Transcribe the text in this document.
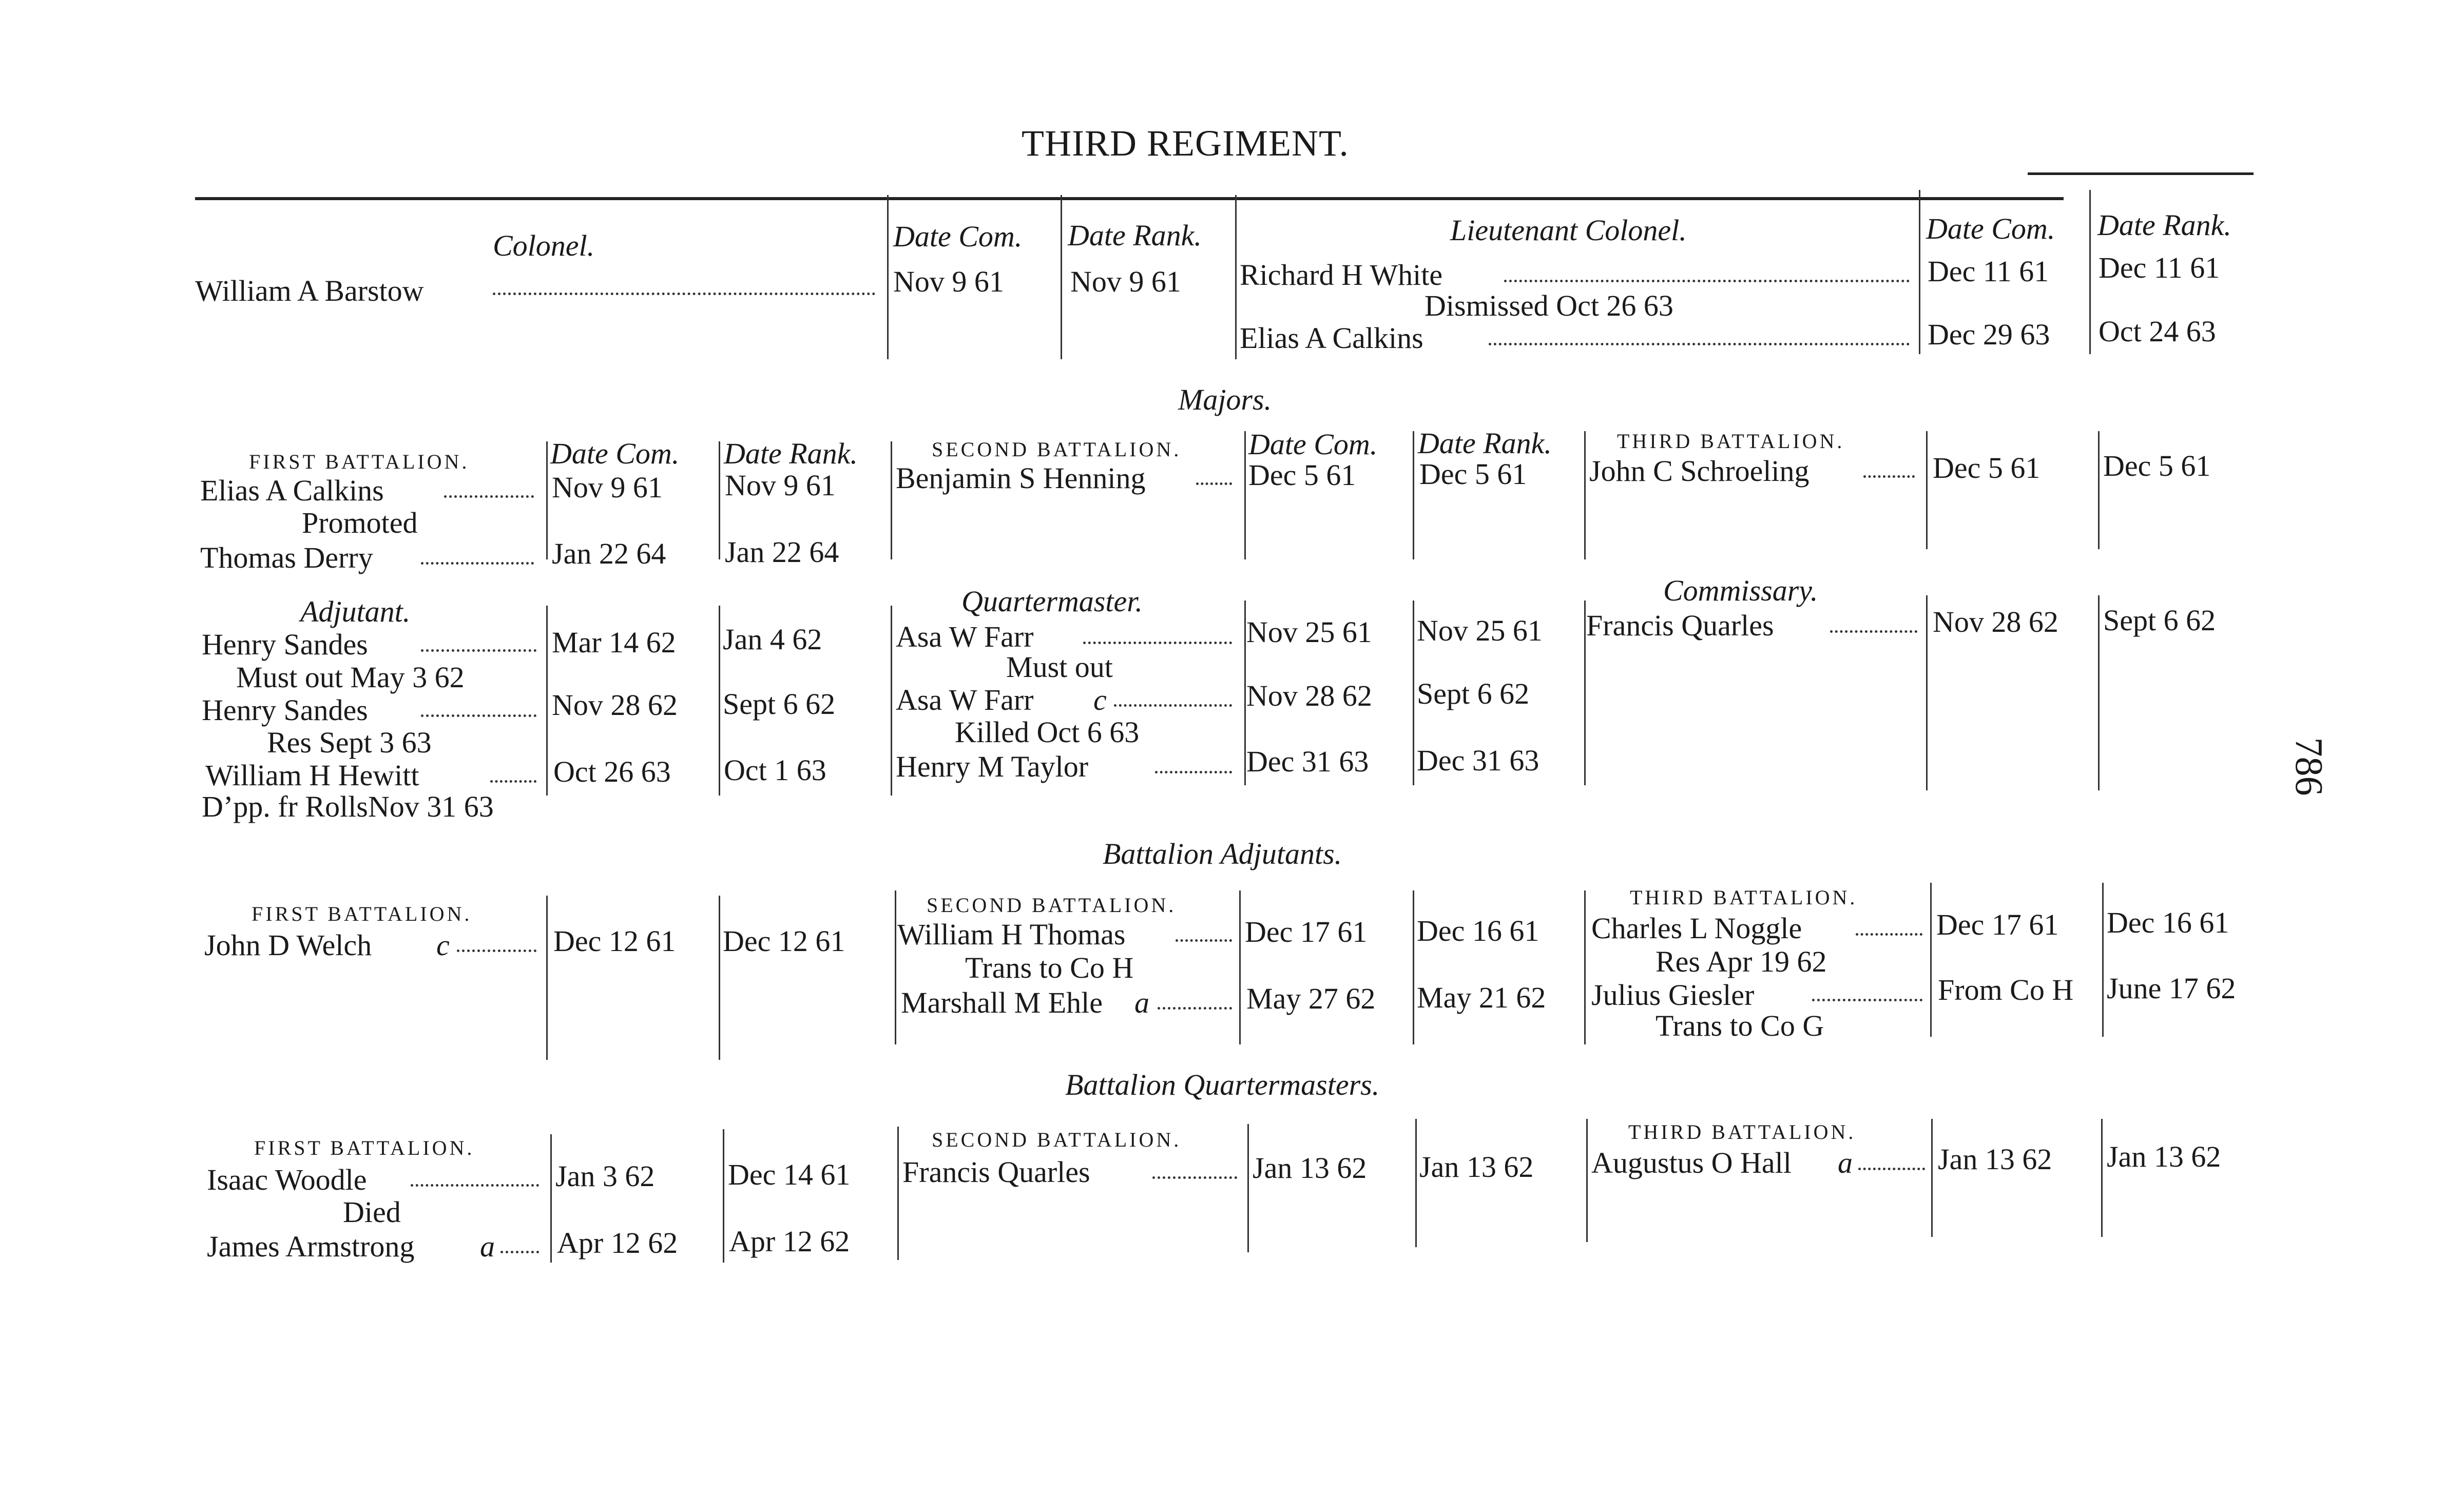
THIRD REGIMENT.
786
Colonel.	Date Com. Date Rank.
William A Barstow	Nov 9 61 Nov 9 61
Lieutenant Colonel.	Date Com. Date Rank.
Richard H White	Dec 11 61 Dec 11 61
Dismissed Oct 26 63
Elias A Calkins	Dec 29 63 Oct 24 63
Majors.
FIRST BATTALION.	Date Com. Date Rank.
Elias A Calkins	Nov 9 61 Nov 9 61
Promoted
Thomas Derry	Jan 22 64 Jan 22 64
SECOND BATTALION. Date Com. Date Rank.
Benjamin S Henning	Dec 5 61 Dec 5 61
THIRD BATTALION.
John C Schroeling	Dec 5 61 Dec 5 61
Adjutant.
Henry Sandes	Mar 14 62 Jan 4 62
Must out May 3 62
Henry Sandes	Nov 28 62 Sept 6 62
Res Sept 3 63
William H Hewitt	Oct 26 63 Oct 1 63
D’pp. fr RollsNov 31 63
Quartermaster.
Asa W Farr	Nov 25 61 Nov 25 61
Must out
Asa W Farr c	Nov 28 62 Sept 6 62
Killed Oct 6 63
Henry M Taylor	Dec 31 63 Dec 31 63
Commissary.
Francis Quarles	Nov 28 62 Sept 6 62
Battalion Adjutants.
FIRST BATTALION.
John D Welch c	Dec 12 61 Dec 12 61
SECOND BATTALION.
William H Thomas	Dec 17 61 Dec 16 61
Trans to Co H
Marshall M Ehle a	May 27 62 May 21 62
THIRD BATTALION.
Charles L Noggle	Dec 17 61 Dec 16 61
Res Apr 19 62
Julius Giesler	From Co H June 17 62
Trans to Co G
Battalion Quartermasters.
FIRST BATTALION.
Isaac Woodle	Jan 3 62 Dec 14 61
Died
James Armstrong a Apr 12 62 Apr 12 62
SECOND BATTALION.
Francis Quarles	Jan 13 62 Jan 13 62
THIRD BATTALION.
Augustus O Hall a	Jan 13 62 Jan 13 62
